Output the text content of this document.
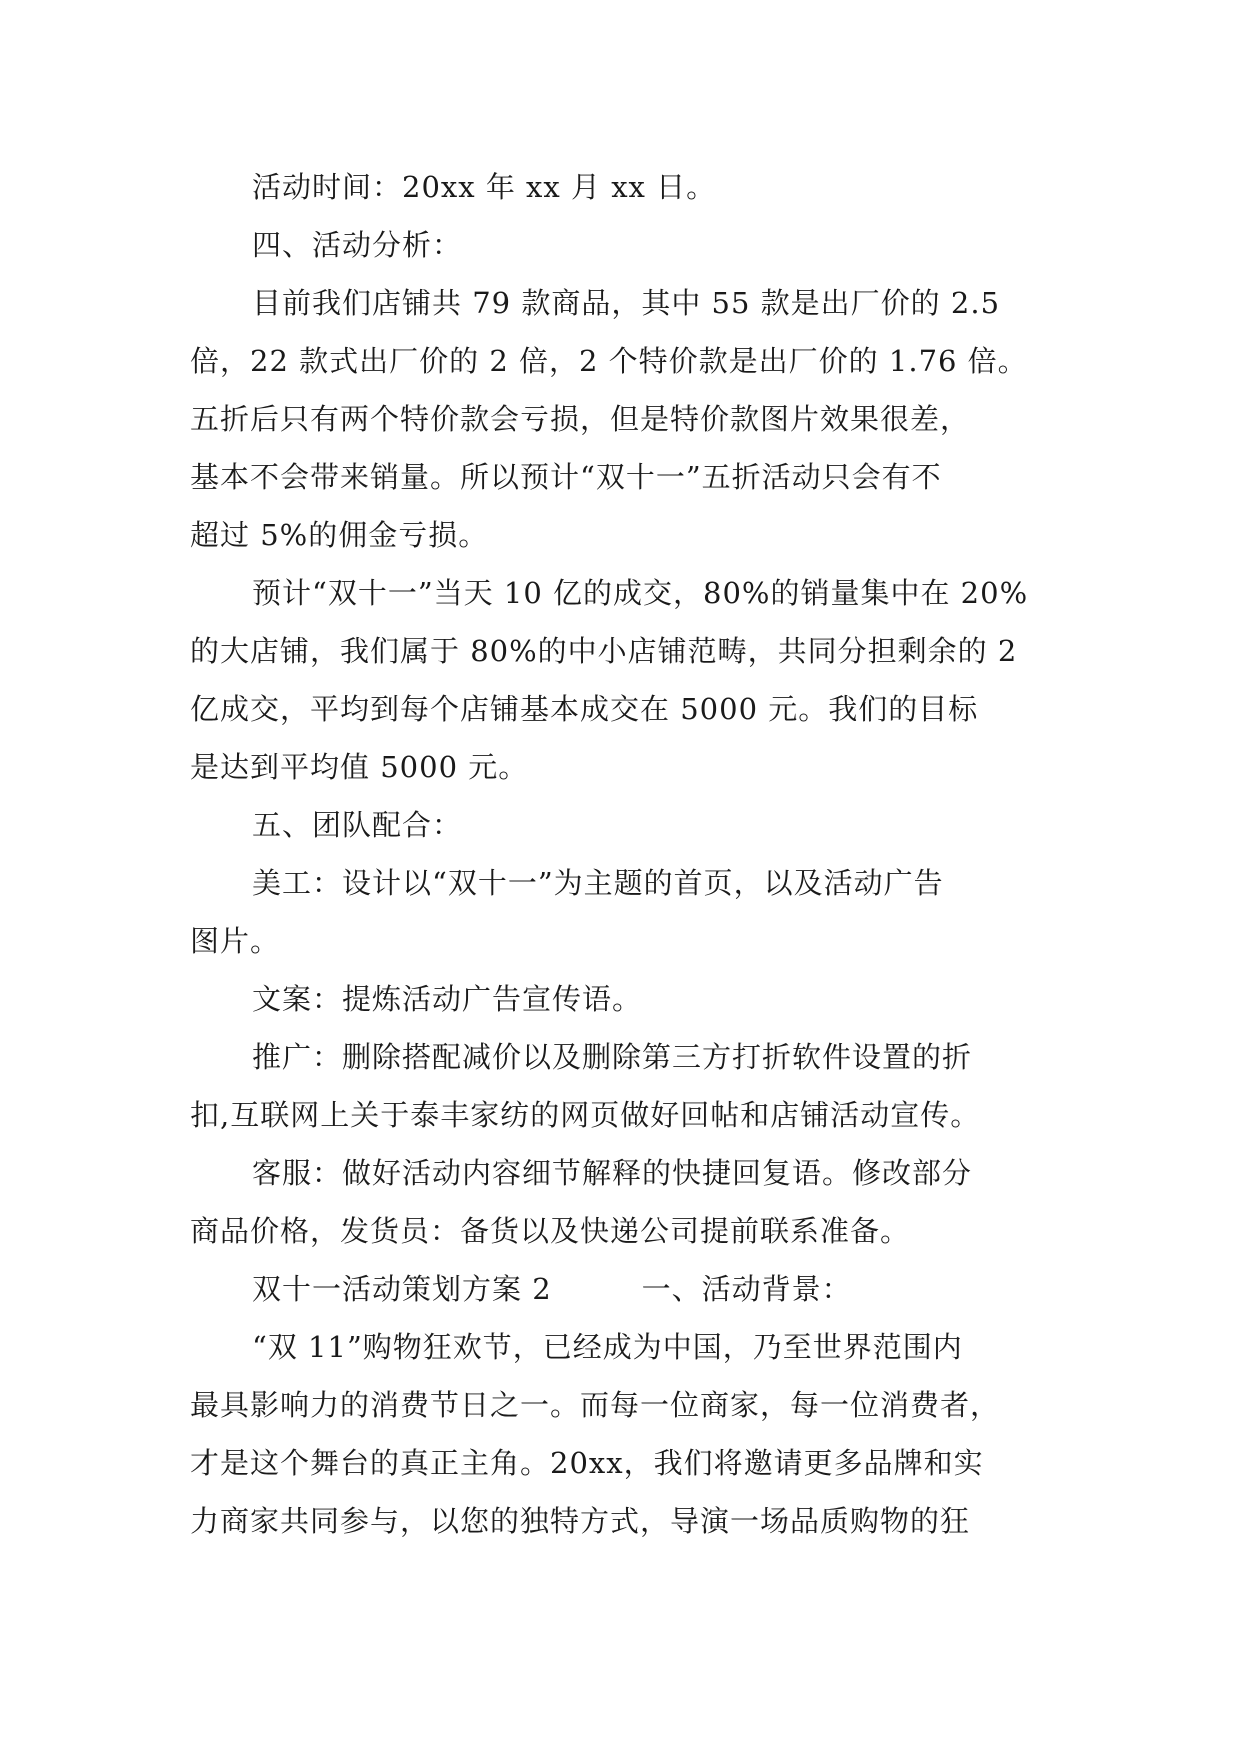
活动时间：20xx 年 xx 月 xx 日。
四、活动分析：
目前我们店铺共 79 款商品，其中 55 款是出厂价的 2.5
倍，22 款式出厂价的 2 倍，2 个特价款是出厂价的 1.76 倍。
五折后只有两个特价款会亏损，但是特价款图片效果很差，
基本不会带来销量。所以预计“双十一”五折活动只会有不
超过 5%的佣金亏损。
预计“双十一”当天 10 亿的成交，80%的销量集中在 20%
的大店铺，我们属于 80%的中小店铺范畴，共同分担剩余的 2
亿成交，平均到每个店铺基本成交在 5000 元。我们的目标
是达到平均值 5000 元。
五、团队配合：
美工：设计以“双十一”为主题的首页，以及活动广告
图片。
文案：提炼活动广告宣传语。
推广：删除搭配减价以及删除第三方打折软件设置的折
扣,互联网上关于泰丰家纺的网页做好回帖和店铺活动宣传。
客服：做好活动内容细节解释的快捷回复语。修改部分
商品价格，发货员：备货以及快递公司提前联系准备。
双十一活动策划方案 2　　　一、活动背景：
“双 11”购物狂欢节，已经成为中国，乃至世界范围内
最具影响力的消费节日之一。而每一位商家，每一位消费者，
才是这个舞台的真正主角。20xx，我们将邀请更多品牌和实
力商家共同参与，以您的独特方式，导演一场品质购物的狂
